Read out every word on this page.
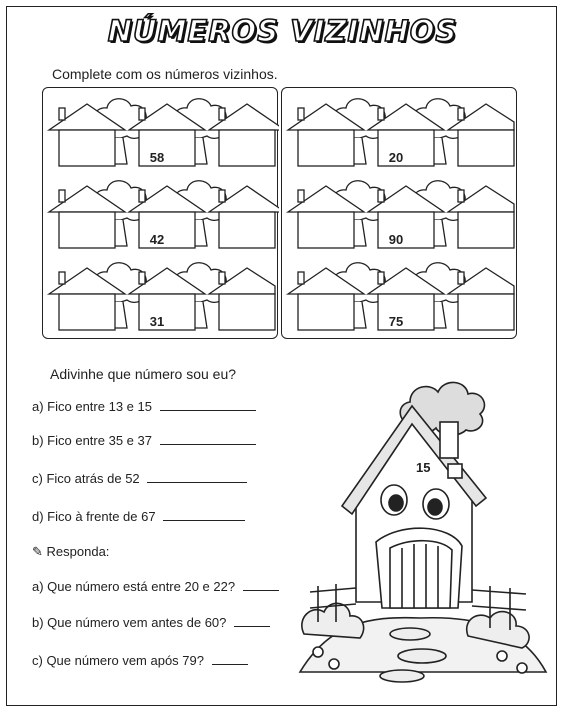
NÚMEROS VIZINHOS
Complete com os números vizinhos.
58
42
31
20
90
75
Adivinhe que número sou eu?
a) Fico entre 13 e 15
b) Fico entre 35 e 37
c) Fico atrás de 52
d) Fico à frente de 67
✎ Responda:
a) Que número está entre 20 e 22?
b) Que número vem antes de 60?
c) Que número vem após 79?
15
